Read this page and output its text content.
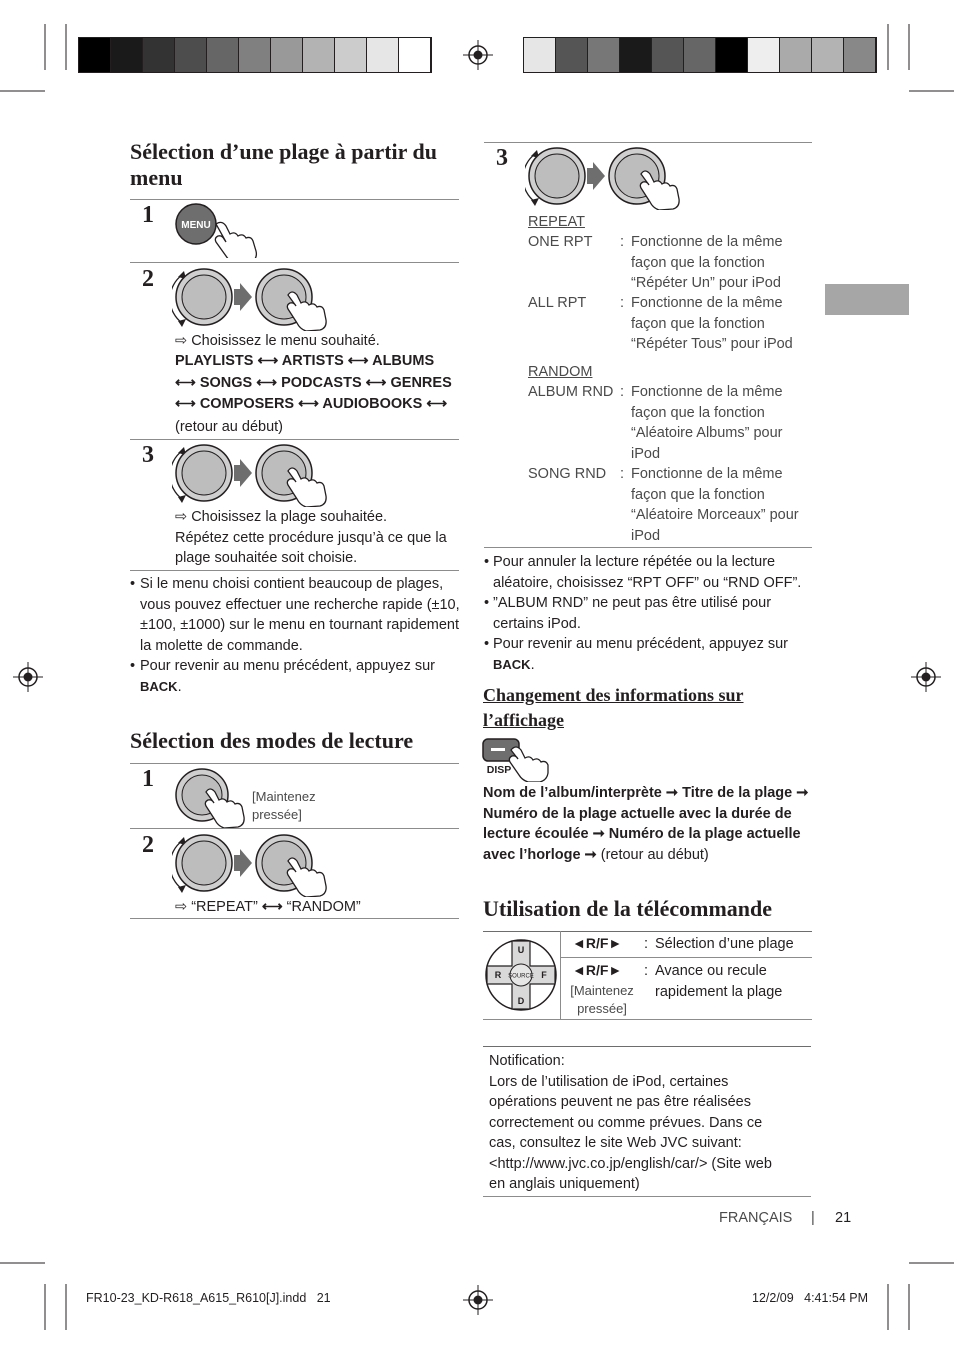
Sélection d’une plage à partir du menu
1	MENU
2
⇨ Choisissez le menu souhaité.
PLAYLISTS ⟷ ARTISTS ⟷ ALBUMS
⟷ SONGS ⟷ PODCASTS ⟷ GENRES
⟷ COMPOSERS ⟷ AUDIOBOOKS ⟷
(retour au début)
3
⇨ Choisissez la plage souhaitée.
Répétez cette procédure jusqu’à ce que la plage souhaitée soit choisie.
• Si le menu choisi contient beaucoup de plages, vous pouvez effectuer une recherche rapide (±10, ±100, ±1000) sur le menu en tournant rapidement la molette de commande.
• Pour revenir au menu précédent, appuyez sur BACK.
Sélection des modes de lecture
1
[Maintenez pressée]
2
⇨ “REPEAT” ⟷ “RANDOM”
3
REPEAT
ONE RPT : Fonctionne de la même façon que la fonction “Répéter Un” pour iPod
ALL RPT : Fonctionne de la même façon que la fonction “Répéter Tous” pour iPod
RANDOM
ALBUM RND : Fonctionne de la même façon que la fonction “Aléatoire Albums” pour iPod
SONG RND : Fonctionne de la même façon que la fonction “Aléatoire Morceaux” pour iPod
• Pour annuler la lecture répétée ou la lecture aléatoire, choisissez “RPT OFF” ou “RND OFF”.
• ”ALBUM RND” ne peut pas être utilisé pour certains iPod.
• Pour revenir au menu précédent, appuyez sur BACK.
Changement des informations sur l’affichage
DISP
Nom de l’album/interprète ➞ Titre de la plage ➞ Numéro de la plage actuelle avec la durée de lecture écoulée ➞ Numéro de la plage actuelle avec l’horloge ➞ (retour au début)
Utilisation de la télécommande
SOURCE
U
D
R	F
◄R/F► : Sélection d’une plage
◄R/F►
[Maintenez pressée]
: Avance ou recule rapidement la plage
Notification:
Lors de l’utilisation de iPod, certaines opérations peuvent ne pas être réalisées correctement ou comme prévues. Dans ce cas, consultez le site Web JVC suivant: <http://www.jvc.co.jp/english/car/> (Site web en anglais uniquement)
FRANÇAIS | 21
FR10-23_KD-R618_A615_R610[J].indd   21	12/2/09   4:41:54 PM
